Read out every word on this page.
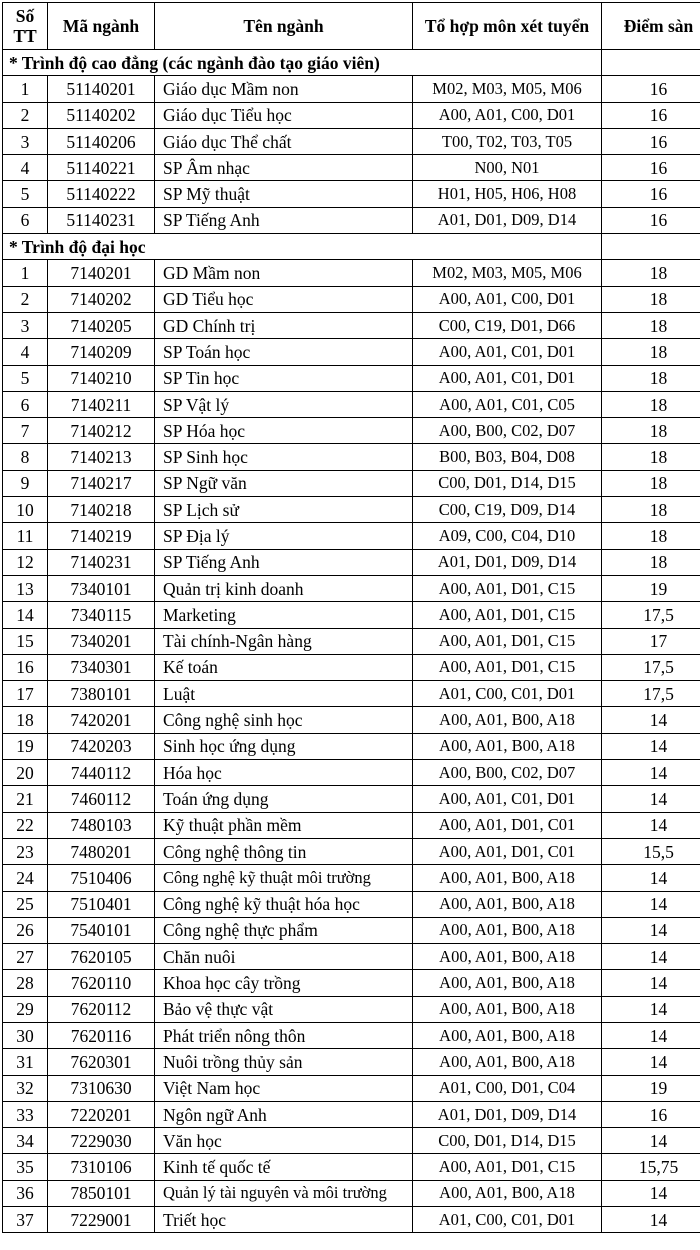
Số TT	Mã ngành	Tên ngành	Tổ hợp môn xét tuyển	Điểm sàn
* Trình độ cao đẳng (các ngành đào tạo giáo viên)				
1	51140201	Giáo dục Mầm non	M02, M03, M05, M06	16
2	51140202	Giáo dục Tiểu học	A00, A01, C00, D01	16
3	51140206	Giáo dục Thể chất	T00, T02, T03, T05	16
4	51140221	SP Âm nhạc	N00, N01	16
5	51140222	SP Mỹ thuật	H01, H05, H06, H08	16
6	51140231	SP Tiếng Anh	A01, D01, D09, D14	16
* Trình độ đại học				
1	7140201	GD Mầm non	M02, M03, M05, M06	18
2	7140202	GD Tiểu học	A00, A01, C00, D01	18
3	7140205	GD Chính trị	C00, C19, D01, D66	18
4	7140209	SP Toán học	A00, A01, C01, D01	18
5	7140210	SP Tin học	A00, A01, C01, D01	18
6	7140211	SP Vật lý	A00, A01, C01, C05	18
7	7140212	SP Hóa học	A00, B00, C02, D07	18
8	7140213	SP Sinh học	B00, B03, B04, D08	18
9	7140217	SP Ngữ văn	C00, D01, D14, D15	18
10	7140218	SP Lịch sử	C00, C19, D09, D14	18
11	7140219	SP Địa lý	A09, C00, C04, D10	18
12	7140231	SP Tiếng Anh	A01, D01, D09, D14	18
13	7340101	Quản trị kinh doanh	A00, A01, D01, C15	19
14	7340115	Marketing	A00, A01, D01, C15	17,5
15	7340201	Tài chính-Ngân hàng	A00, A01, D01, C15	17
16	7340301	Kế toán	A00, A01, D01, C15	17,5
17	7380101	Luật	A01, C00, C01, D01	17,5
18	7420201	Công nghệ sinh học	A00, A01, B00, A18	14
19	7420203	Sinh học ứng dụng	A00, A01, B00, A18	14
20	7440112	Hóa học	A00, B00, C02, D07	14
21	7460112	Toán ứng dụng	A00, A01, C01, D01	14
22	7480103	Kỹ thuật phần mềm	A00, A01, D01, C01	14
23	7480201	Công nghệ thông tin	A00, A01, D01, C01	15,5
24	7510406	Công nghệ kỹ thuật môi trường	A00, A01, B00, A18	14
25	7510401	Công nghệ kỹ thuật hóa học	A00, A01, B00, A18	14
26	7540101	Công nghệ thực phẩm	A00, A01, B00, A18	14
27	7620105	Chăn nuôi	A00, A01, B00, A18	14
28	7620110	Khoa học cây trồng	A00, A01, B00, A18	14
29	7620112	Bảo vệ thực vật	A00, A01, B00, A18	14
30	7620116	Phát triển nông thôn	A00, A01, B00, A18	14
31	7620301	Nuôi trồng thủy sản	A00, A01, B00, A18	14
32	7310630	Việt Nam học	A01, C00, D01, C04	19
33	7220201	Ngôn ngữ Anh	A01, D01, D09, D14	16
34	7229030	Văn học	C00, D01, D14, D15	14
35	7310106	Kinh tế quốc tế	A00, A01, D01, C15	15,75
36	7850101	Quản lý tài nguyên và môi trường	A00, A01, B00, A18	14
37	7229001	Triết học	A01, C00, C01, D01	14
